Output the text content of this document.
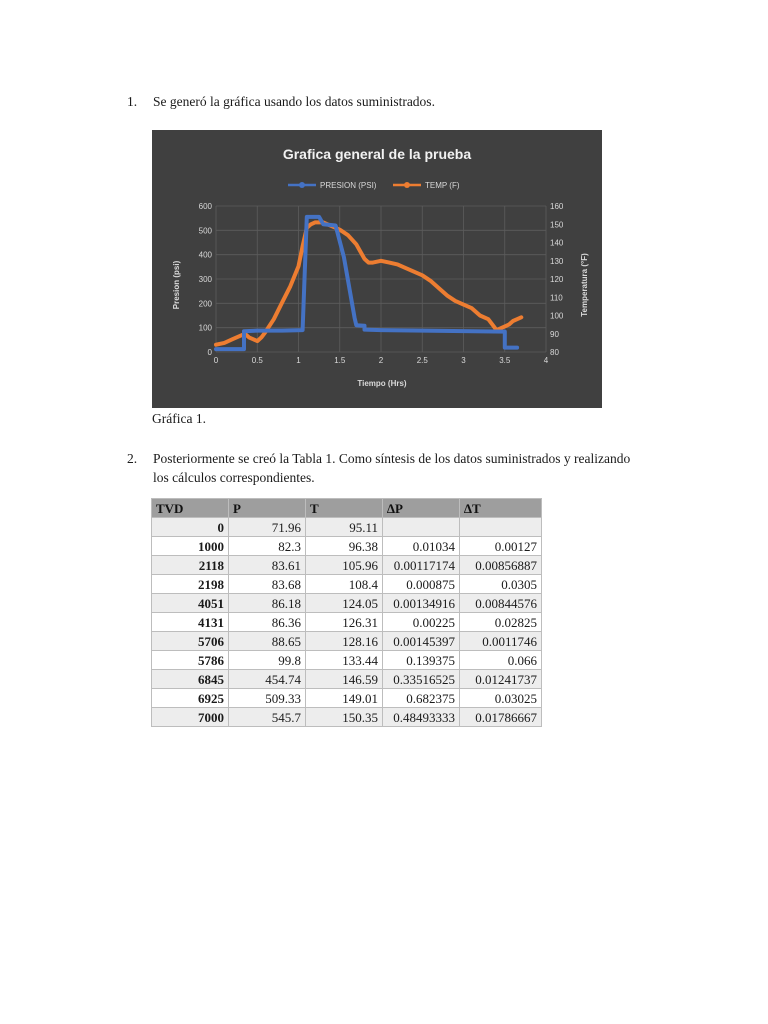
1.	Se generó la gráfica usando los datos suministrados.
Grafica general de la prueba
PRESION (PSI)	TEMP (F)
0
100
200
300
400
500
600
0	0.5	1	1.5	2	2.5	3	3.5	4
80
90
100
110
120
130
140
150
160
Tiempo (Hrs)
Presion (psi)	Temperatura (°F)
Gráfica 1.
2.	Posteriormente se creó la Tabla 1. Como síntesis de los datos suministrados y realizando los cálculos correspondientes.
TVD	P	T	∆P	∆T
0	71.96	95.11		
1000	82.3	96.38	0.01034	0.00127
2118	83.61	105.96	0.00117174	0.00856887
2198	83.68	108.4	0.000875	0.0305
4051	86.18	124.05	0.00134916	0.00844576
4131	86.36	126.31	0.00225	0.02825
5706	88.65	128.16	0.00145397	0.0011746
5786	99.8	133.44	0.139375	0.066
6845	454.74	146.59	0.33516525	0.01241737
6925	509.33	149.01	0.682375	0.03025
7000	545.7	150.35	0.48493333	0.01786667
